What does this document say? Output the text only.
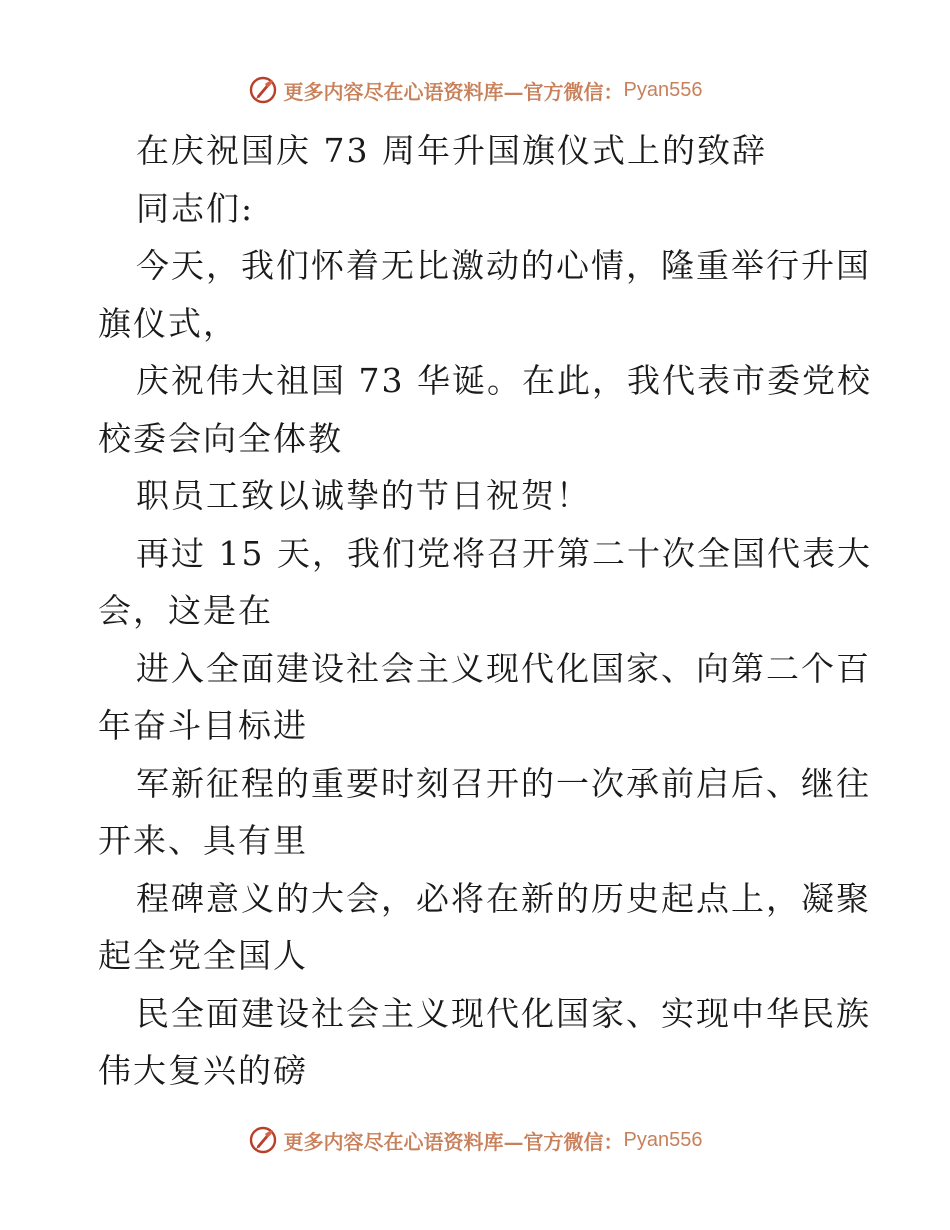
更多内容尽在心语资料库—官方微信： Pyan556

在庆祝国庆 73 周年升国旗仪式上的致辞

同志们:

今天，我们怀着无比激动的心情，隆重举行升国

旗仪式，

庆祝伟大祖国 73 华诞。在此，我代表市委党校

校委会向全体教

职员工致以诚挚的节日祝贺！

再过 15 天，我们党将召开第二十次全国代表大

会，这是在

进入全面建设社会主义现代化国家、向第二个百

年奋斗目标进

军新征程的重要时刻召开的一次承前启后、继往

开来、具有里

程碑意义的大会，必将在新的历史起点上，凝聚

起全党全国人

民全面建设社会主义现代化国家、实现中华民族

伟大复兴的磅

更多内容尽在心语资料库—官方微信： Pyan556
